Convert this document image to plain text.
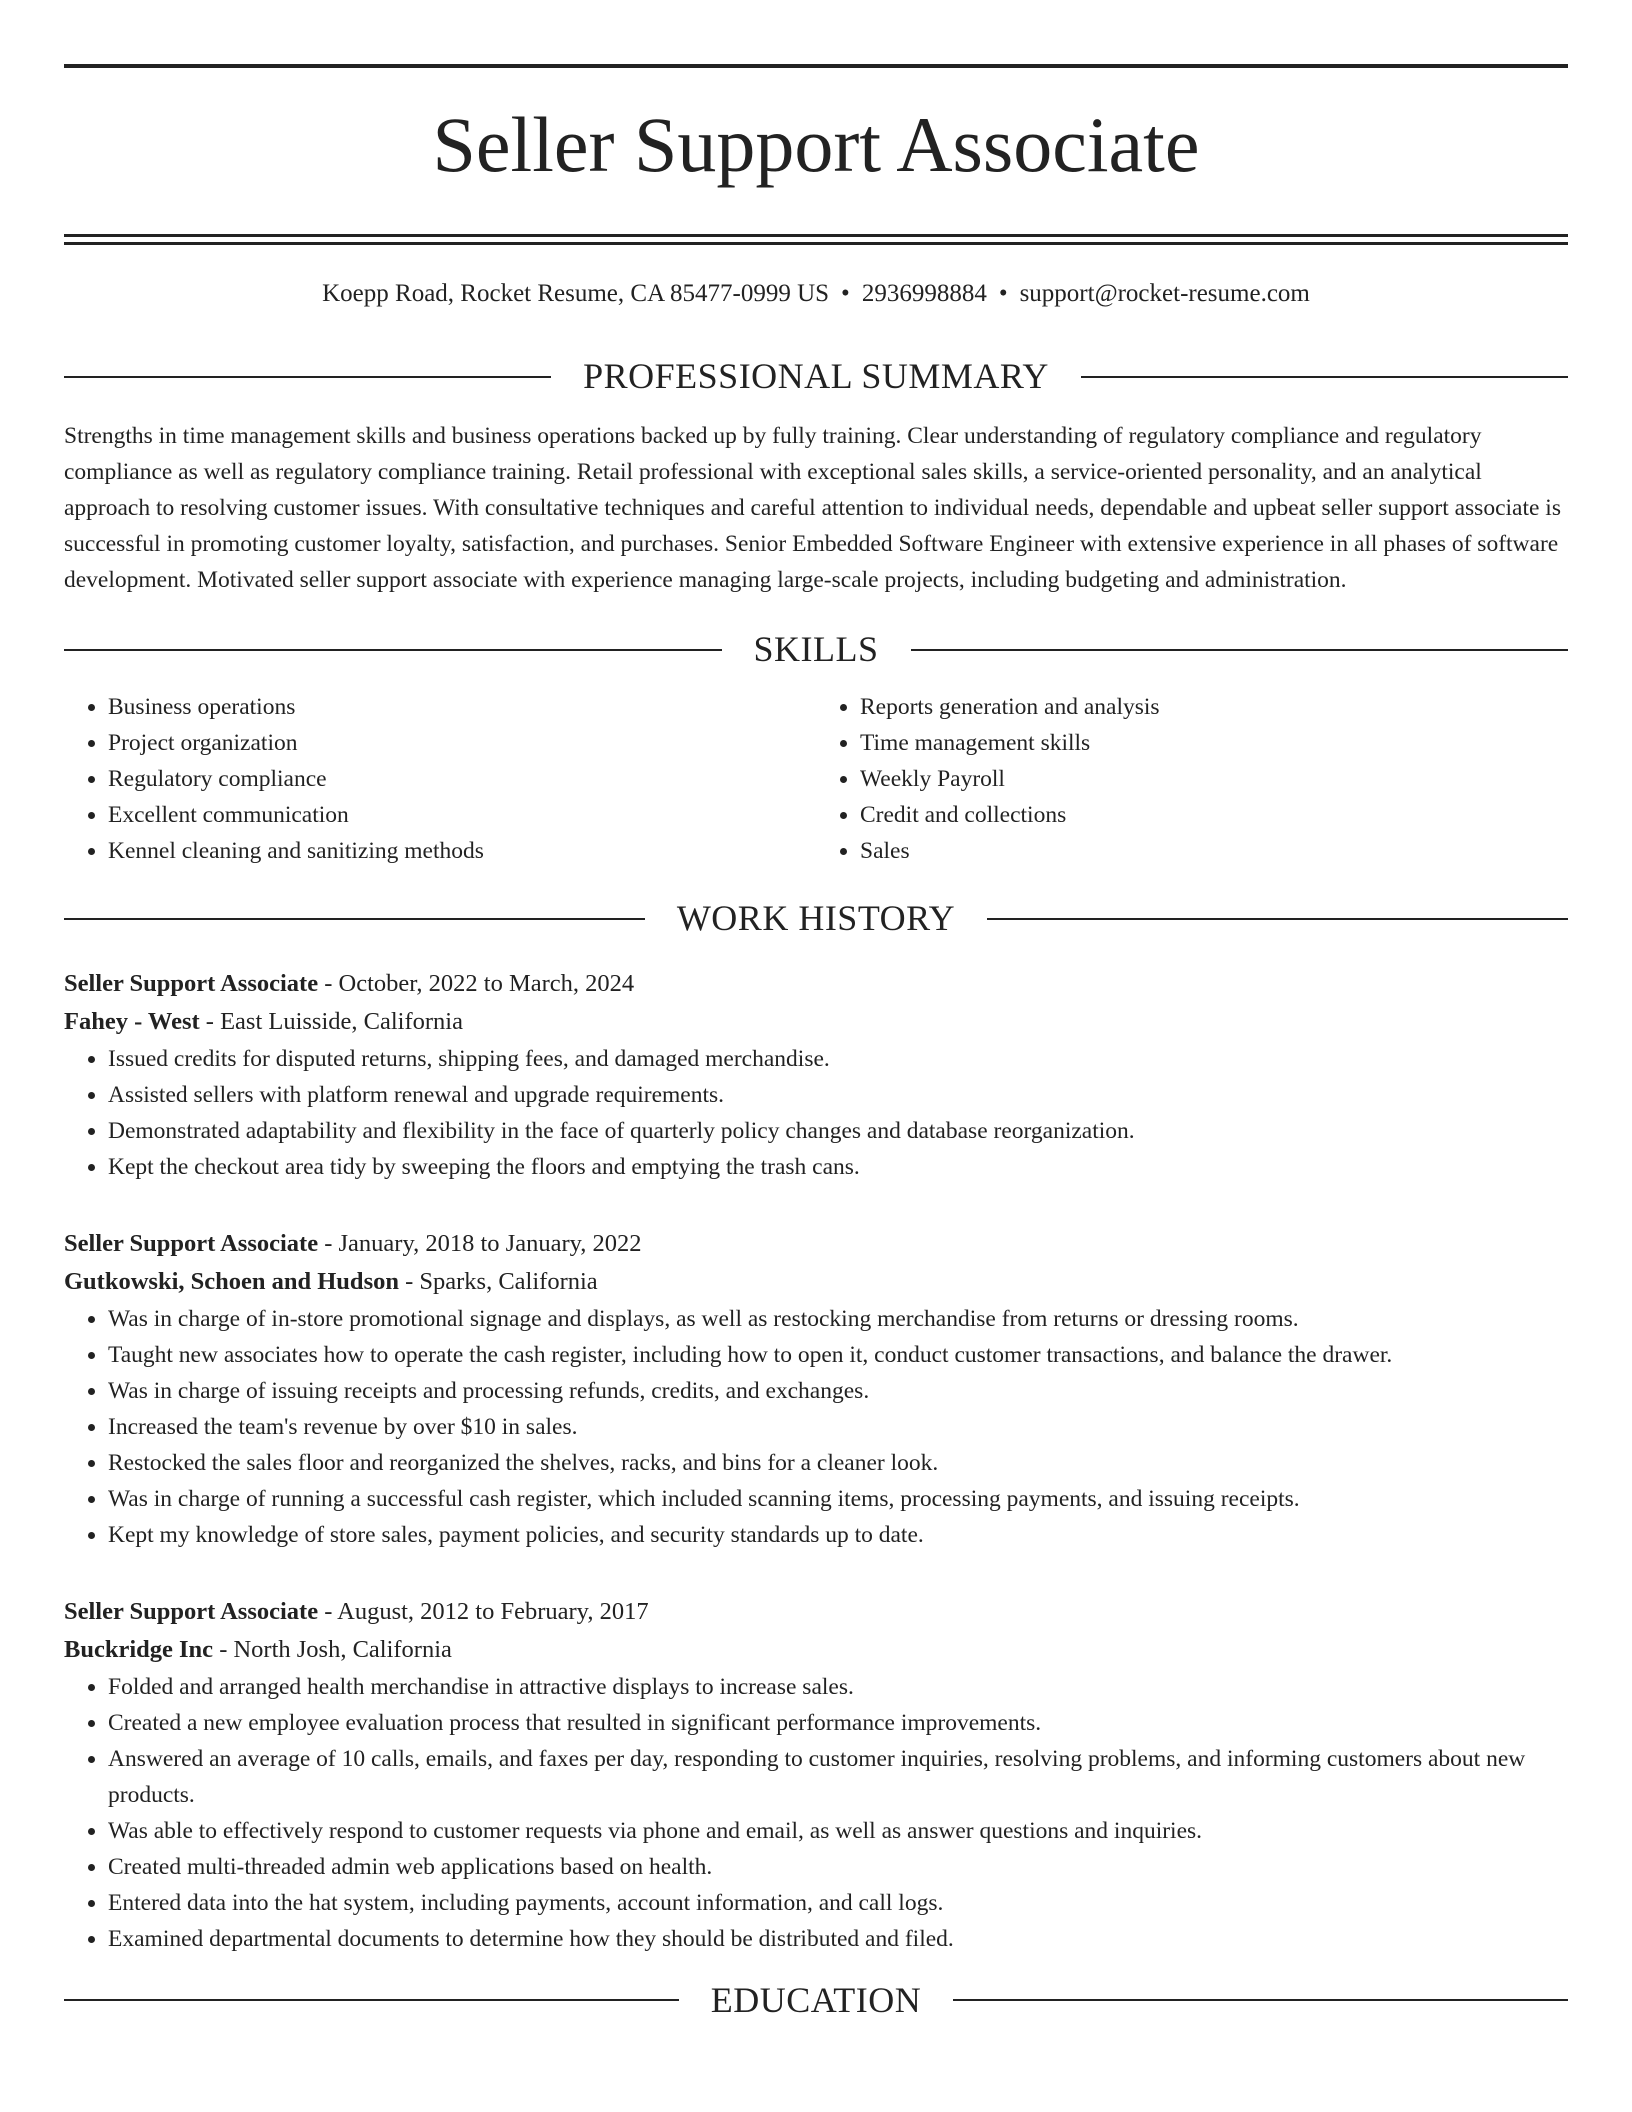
Seller Support Associate
Koepp Road, Rocket Resume, CA 85477-0999 US • 2936998884 • support@rocket-resume.com
PROFESSIONAL SUMMARY

Strengths in time management skills and business operations backed up by fully training. Clear understanding of regulatory compliance and regulatory compliance as well as regulatory compliance training. Retail professional with exceptional sales skills, a service-oriented personality, and an analytical approach to resolving customer issues. With consultative techniques and careful attention to individual needs, dependable and upbeat seller support associate is successful in promoting customer loyalty, satisfaction, and purchases. Senior Embedded Software Engineer with extensive experience in all phases of software development. Motivated seller support associate with experience managing large-scale projects, including budgeting and administration.

SKILLS
• Business operations
• Project organization
• Regulatory compliance
• Excellent communication
• Kennel cleaning and sanitizing methods
• Reports generation and analysis
• Time management skills
• Weekly Payroll
• Credit and collections
• Sales
WORK HISTORY
Seller Support Associate - October, 2022 to March, 2024
Fahey - West - East Luisside, California
• Issued credits for disputed returns, shipping fees, and damaged merchandise.
• Assisted sellers with platform renewal and upgrade requirements.
• Demonstrated adaptability and flexibility in the face of quarterly policy changes and database reorganization.
• Kept the checkout area tidy by sweeping the floors and emptying the trash cans.
Seller Support Associate - January, 2018 to January, 2022
Gutkowski, Schoen and Hudson - Sparks, California
• Was in charge of in-store promotional signage and displays, as well as restocking merchandise from returns or dressing rooms.
• Taught new associates how to operate the cash register, including how to open it, conduct customer transactions, and balance the drawer.
• Was in charge of issuing receipts and processing refunds, credits, and exchanges.
• Increased the team's revenue by over $10 in sales.
• Restocked the sales floor and reorganized the shelves, racks, and bins for a cleaner look.
• Was in charge of running a successful cash register, which included scanning items, processing payments, and issuing receipts.
• Kept my knowledge of store sales, payment policies, and security standards up to date.
Seller Support Associate - August, 2012 to February, 2017
Buckridge Inc - North Josh, California
• Folded and arranged health merchandise in attractive displays to increase sales.
• Created a new employee evaluation process that resulted in significant performance improvements.
• Answered an average of 10 calls, emails, and faxes per day, responding to customer inquiries, resolving problems, and informing customers about new products.
• Was able to effectively respond to customer requests via phone and email, as well as answer questions and inquiries.
• Created multi-threaded admin web applications based on health.
• Entered data into the hat system, including payments, account information, and call logs.
• Examined departmental documents to determine how they should be distributed and filed.
EDUCATION
